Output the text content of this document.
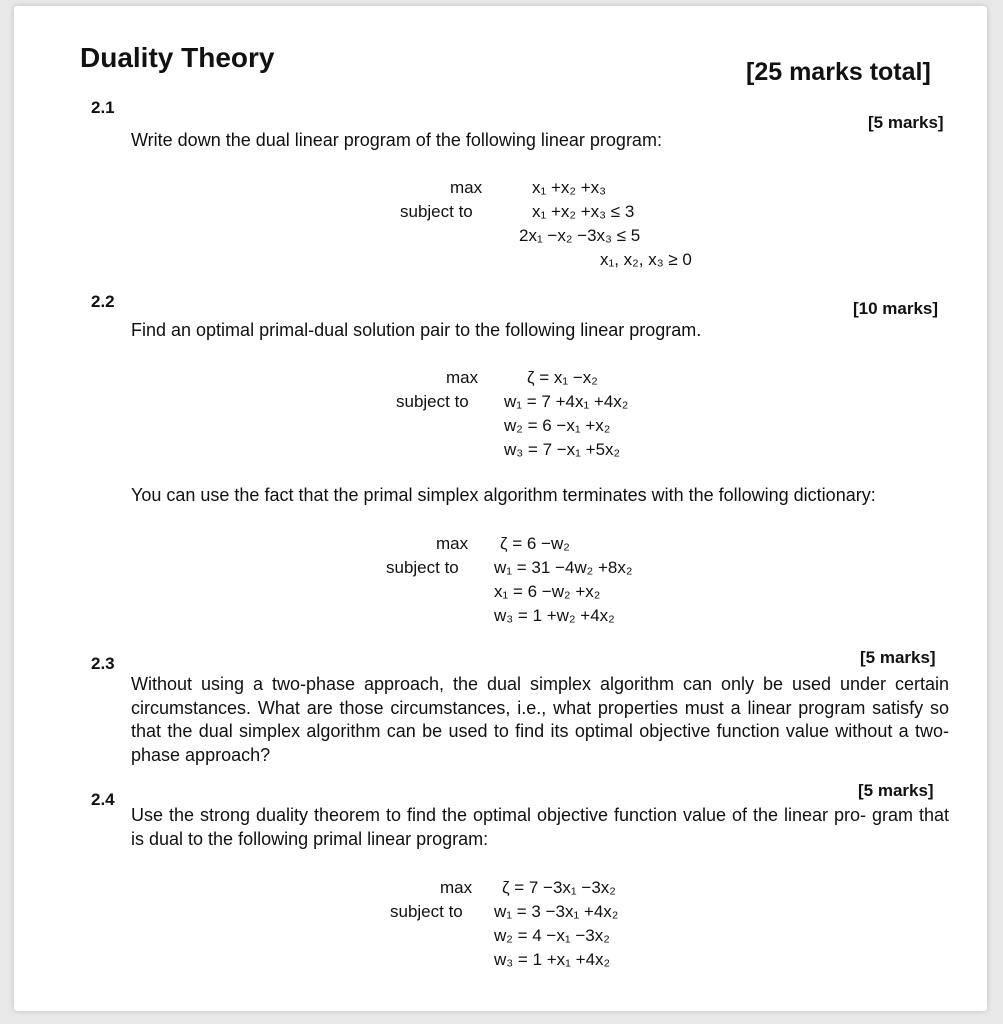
Duality Theory	[25 marks total]
2.1
[5 marks]
Write down the dual linear program of the following linear program:
max	x₁ +x₂ +x₃
subject to	x₁ +x₂ +x₃ ≤ 3
2x₁ −x₂ −3x₃ ≤ 5
x₁, x₂, x₃ ≥ 0
2.2	[10 marks]
Find an optimal primal-dual solution pair to the following linear program.
max	ζ = x₁ −x₂
subject to w₁ = 7 +4x₁ +4x₂
w₂ = 6 −x₁ +x₂
w₃ = 7 −x₁ +5x₂
You can use the fact that the primal simplex algorithm terminates with the following dictionary:
max ζ = 6 −w₂
subject to w₁ = 31 −4w₂ +8x₂
x₁ = 6 −w₂ +x₂
w₃ = 1 +w₂ +4x₂
2.3	[5 marks]
Without using a two-phase approach, the dual simplex algorithm can only be used under certain circumstances. What are those circumstances, i.e., what properties must a linear program satisfy so that the dual simplex algorithm can be used to find its optimal objective function value without a two-phase approach?
2.4	[5 marks]
Use the strong duality theorem to find the optimal objective function value of the linear pro- gram that is dual to the following primal linear program:
max ζ = 7 −3x₁ −3x₂
subject to w₁ = 3 −3x₁ +4x₂
w₂ = 4 −x₁ −3x₂
w₃ = 1 +x₁ +4x₂
